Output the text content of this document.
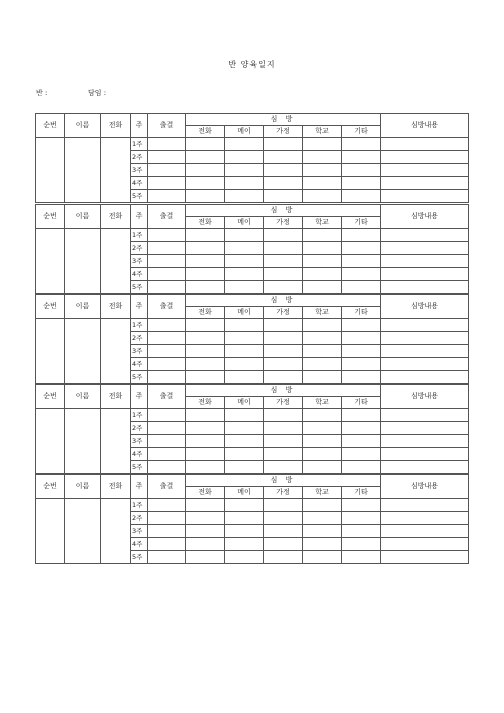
반 양육일지
반 :	담임 :
순번	이름	전화	주	출결	심 방					심방내용
					전화	메이	가정	학교	기타	
			1주							
			2주							
			3주							
			4주							
			5주							
순번	이름	전화	주	출결	심 방					심방내용
					전화	메이	가정	학교	기타	
			1주							
			2주							
			3주							
			4주							
			5주							
순번	이름	전화	주	출결	심 방					심방내용
					전화	메이	가정	학교	기타	
			1주							
			2주							
			3주							
			4주							
			5주							
순번	이름	전화	주	출결	심 방					심방내용
					전화	메이	가정	학교	기타	
			1주							
			2주							
			3주							
			4주							
			5주							
순번	이름	전화	주	출결	심 방					심방내용
					전화	메이	가정	학교	기타	
			1주							
			2주							
			3주							
			4주							
			5주							
